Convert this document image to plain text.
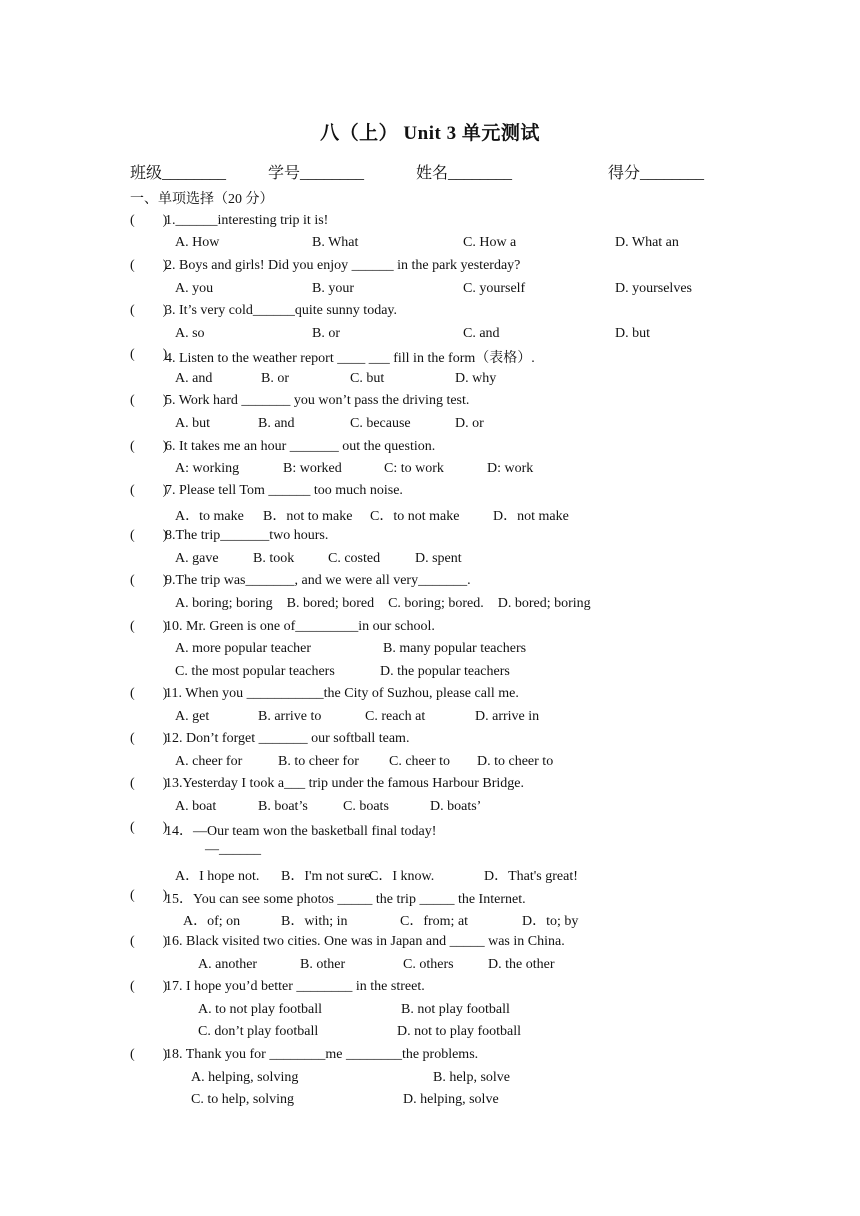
八（上） Unit 3 单元测试
班级________	学号________	姓名________	得分________
一、单项选择（20 分）
(        )
1.______interesting trip it is!
A. How	B. What	C. How a	D. What an
(        )
2. Boys and girls! Did you enjoy ______ in the park yesterday?
A. you	B. your	C. yourself	D. yourselves
(        )
3. It’s very cold______quite sunny today.
A. so	B. or	C. and	D. but
(        )
4. Listen to the weather report ____ ___ fill in the form（表格）.
A. and	B. or	C. but	D. why
(        )
5. Work hard _______ you won’t pass the driving test.
A. but	B. and	C. because	D. or
(        )
6. It takes me an hour _______ out the question.
A: working	B: worked	C: to work	D: work
(        )
7. Please tell Tom ______ too much noise.
A．to make B．not to make C．to not make D．not make
(        )
8.The trip_______two hours.
A. gave B. took C. costed D. spent
(        )
9.The trip was_______, and we were all very_______.
A. boring; boring    B. bored; bored    C. boring; bored.    D. bored; boring
(        )
10. Mr. Green is one of_________in our school.
A. more popular teacher	B. many popular teachers
C. the most popular teachers	D. the popular teachers
(        )
11. When you ___________the City of Suzhou, please call me.
A. get	B. arrive to	C. reach at	D. arrive in
(        )
12. Don’t forget _______ our softball team.
A. cheer for	B. to cheer for C. cheer to D. to cheer to
(        )
13.Yesterday I took a___ trip under the famous Harbour Bridge.
A. boat	B. boat’s	C. boats	D. boats’
(        )
14．—Our team won the basketball final today!
—______
A．I hope not. B．I'm not sure.
C．I know.	D．That's great!
(        )
15．You can see some photos _____ the trip _____ the Internet.
A．of; on	B．with; in	C．from; at	D．to; by
(        )
16. Black visited two cities. One was in Japan and _____ was in China.
A. another	B. other	C. others D. the other
(        )
17. I hope you’d better ________ in the street.
A. to not play football	B. not play football
C. don’t play football	D. not to play football
(        )
18. Thank you for ________me ________the problems.
A. helping, solving	B. help, solve
C. to help, solving	D. helping, solve
